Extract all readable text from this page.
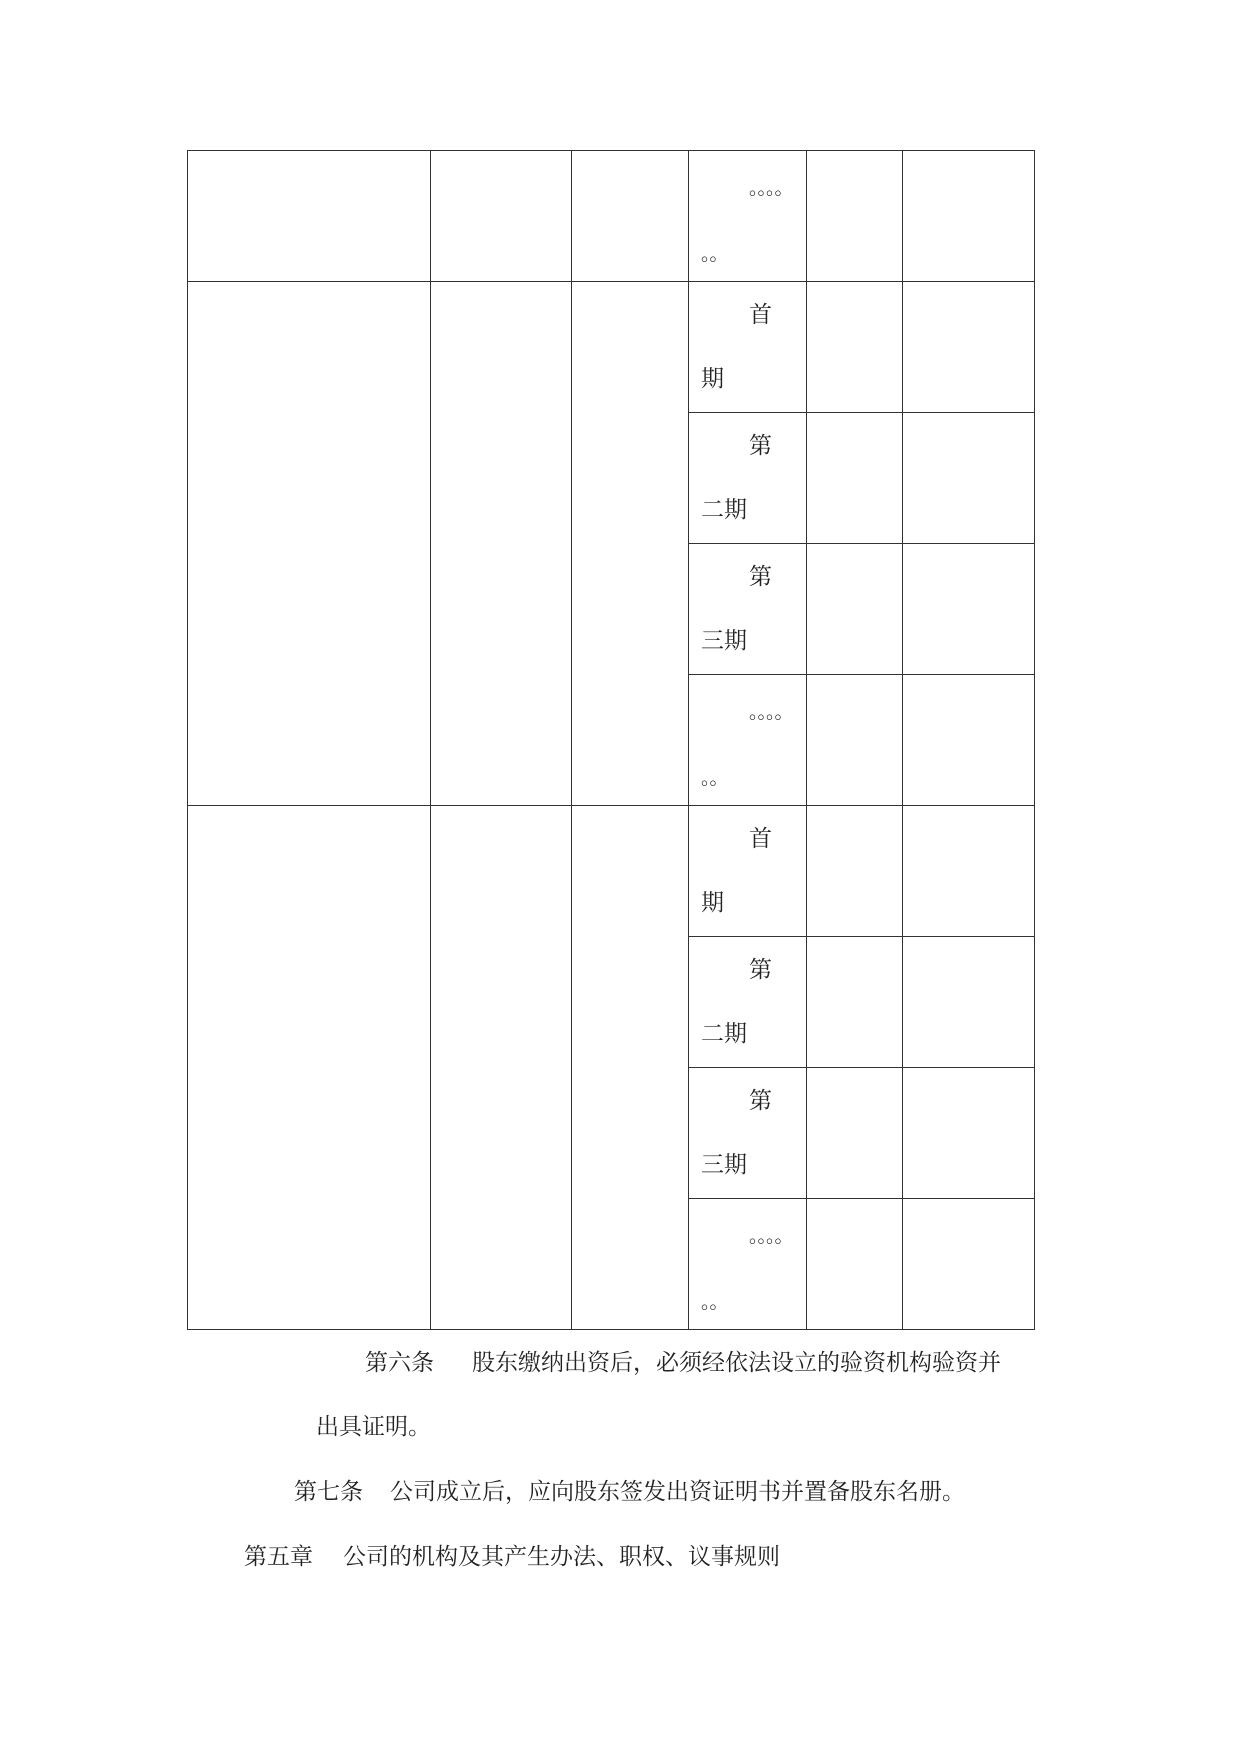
			。。。。
。。		

			首
期		

			第
二期		

			第
三期		

			。。。。
。。		

			首
期		

			第
二期		

			第
三期		

			。。。。
。。		

第六条 股东缴纳出资后，必须经依法设立的验资机构验资并
出具证明。
第七条 公司成立后，应向股东签发出资证明书并置备股东名册。
第五章 公司的机构及其产生办法、职权、议事规则
